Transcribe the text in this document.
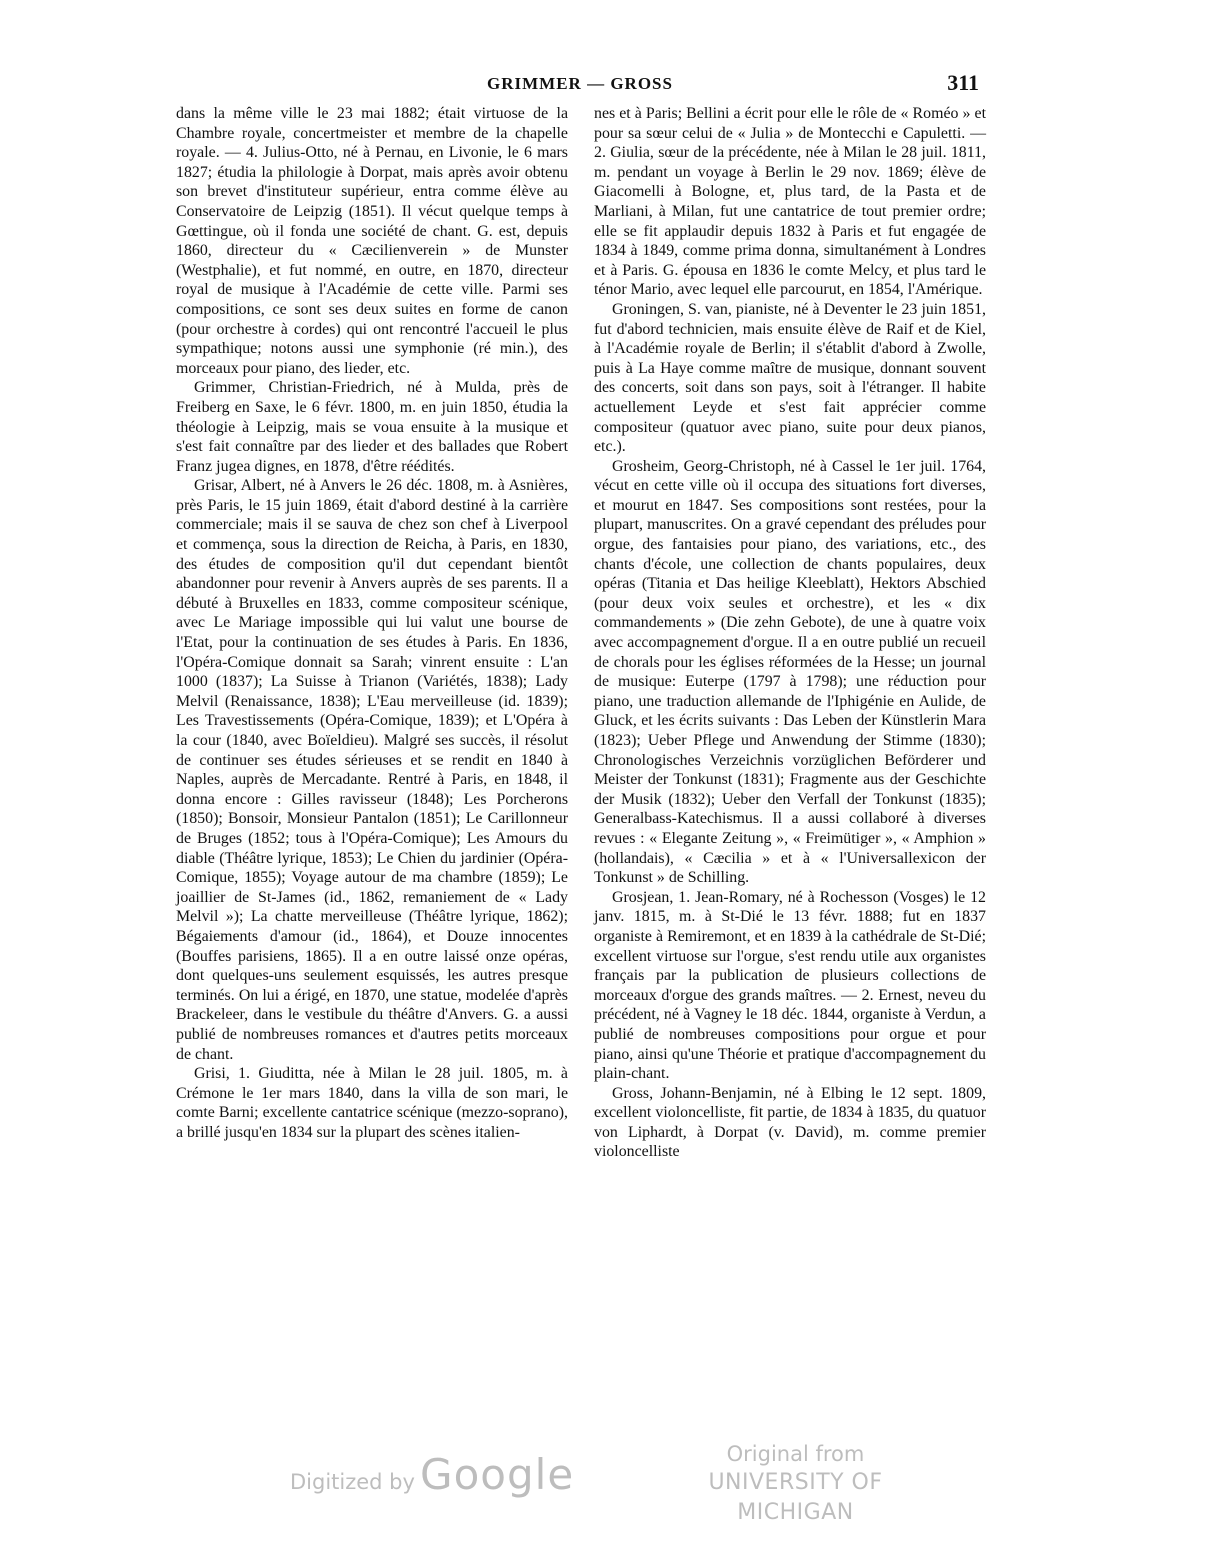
GRIMMER — GROSS	311

dans la même ville le 23 mai 1882; était virtuose de la Chambre royale, concertmeister et membre de la chapelle royale. — 4. Julius-Otto, né à Pernau, en Livonie, le 6 mars 1827; étudia la philologie à Dorpat, mais après avoir obtenu son brevet d'instituteur supérieur, entra comme élève au Conservatoire de Leipzig (1851). Il vécut quelque temps à Gœttingue, où il fonda une société de chant. G. est, depuis 1860, directeur du « Cæcilienverein » de Munster (Westphalie), et fut nommé, en outre, en 1870, directeur royal de musique à l'Académie de cette ville. Parmi ses compositions, ce sont ses deux suites en forme de canon (pour orchestre à cordes) qui ont rencontré l'accueil le plus sympathique; notons aussi une symphonie (ré min.), des morceaux pour piano, des lieder, etc.

Grimmer, Christian-Friedrich, né à Mulda, près de Freiberg en Saxe, le 6 févr. 1800, m. en juin 1850, étudia la théologie à Leipzig, mais se voua ensuite à la musique et s'est fait connaître par des lieder et des ballades que Robert Franz jugea dignes, en 1878, d'être réédités.

Grisar, Albert, né à Anvers le 26 déc. 1808, m. à Asnières, près Paris, le 15 juin 1869, était d'abord destiné à la carrière commerciale; mais il se sauva de chez son chef à Liverpool et commença, sous la direction de Reicha, à Paris, en 1830, des études de composition qu'il dut cependant bientôt abandonner pour revenir à Anvers auprès de ses parents. Il a débuté à Bruxelles en 1833, comme compositeur scénique, avec Le Mariage impossible qui lui valut une bourse de l'Etat, pour la continuation de ses études à Paris. En 1836, l'Opéra-Comique donnait sa Sarah; vinrent ensuite : L'an 1000 (1837); La Suisse à Trianon (Variétés, 1838); Lady Melvil (Renaissance, 1838); L'Eau merveilleuse (id. 1839); Les Travestissements (Opéra-Comique, 1839); et L'Opéra à la cour (1840, avec Boïeldieu). Malgré ses succès, il résolut de continuer ses études sérieuses et se rendit en 1840 à Naples, auprès de Mercadante. Rentré à Paris, en 1848, il donna encore : Gilles ravisseur (1848); Les Porcherons (1850); Bonsoir, Monsieur Pantalon (1851); Le Carillonneur de Bruges (1852; tous à l'Opéra-Comique); Les Amours du diable (Théâtre lyrique, 1853); Le Chien du jardinier (Opéra-Comique, 1855); Voyage autour de ma chambre (1859); Le joaillier de St-James (id., 1862, remaniement de « Lady Melvil »); La chatte merveilleuse (Théâtre lyrique, 1862); Bégaiements d'amour (id., 1864), et Douze innocentes (Bouffes parisiens, 1865). Il a en outre laissé onze opéras, dont quelques-uns seulement esquissés, les autres presque terminés. On lui a érigé, en 1870, une statue, modelée d'après Brackeleer, dans le vestibule du théâtre d'Anvers. G. a aussi publié de nombreuses romances et d'autres petits morceaux de chant.

Grisi, 1. Giuditta, née à Milan le 28 juil. 1805, m. à Crémone le 1er mars 1840, dans la villa de son mari, le comte Barni; excellente cantatrice scénique (mezzo-soprano), a brillé jusqu'en 1834 sur la plupart des scènes italien-

nes et à Paris; Bellini a écrit pour elle le rôle de « Roméo » et pour sa sœur celui de « Julia » de Montecchi e Capuletti. — 2. Giulia, sœur de la précédente, née à Milan le 28 juil. 1811, m. pendant un voyage à Berlin le 29 nov. 1869; élève de Giacomelli à Bologne, et, plus tard, de la Pasta et de Marliani, à Milan, fut une cantatrice de tout premier ordre; elle se fit applaudir depuis 1832 à Paris et fut engagée de 1834 à 1849, comme prima donna, simultanément à Londres et à Paris. G. épousa en 1836 le comte Melcy, et plus tard le ténor Mario, avec lequel elle parcourut, en 1854, l'Amérique.

Groningen, S. van, pianiste, né à Deventer le 23 juin 1851, fut d'abord technicien, mais ensuite élève de Raif et de Kiel, à l'Académie royale de Berlin; il s'établit d'abord à Zwolle, puis à La Haye comme maître de musique, donnant souvent des concerts, soit dans son pays, soit à l'étranger. Il habite actuellement Leyde et s'est fait apprécier comme compositeur (quatuor avec piano, suite pour deux pianos, etc.).

Grosheim, Georg-Christoph, né à Cassel le 1er juil. 1764, vécut en cette ville où il occupa des situations fort diverses, et mourut en 1847. Ses compositions sont restées, pour la plupart, manuscrites. On a gravé cependant des préludes pour orgue, des fantaisies pour piano, des variations, etc., des chants d'école, une collection de chants populaires, deux opéras (Titania et Das heilige Kleeblatt), Hektors Abschied (pour deux voix seules et orchestre), et les « dix commandements » (Die zehn Gebote), de une à quatre voix avec accompagnement d'orgue. Il a en outre publié un recueil de chorals pour les églises réformées de la Hesse; un journal de musique: Euterpe (1797 à 1798); une réduction pour piano, une traduction allemande de l'Iphigénie en Aulide, de Gluck, et les écrits suivants : Das Leben der Künstlerin Mara (1823); Ueber Pflege und Anwendung der Stimme (1830); Chronologisches Verzeichnis vorzüglichen Beförderer und Meister der Tonkunst (1831); Fragmente aus der Geschichte der Musik (1832); Ueber den Verfall der Tonkunst (1835); Generalbass-Katechismus. Il a aussi collaboré à diverses revues : « Elegante Zeitung », « Freimütiger », « Amphion » (hollandais), « Cæcilia » et à « l'Universallexicon der Tonkunst » de Schilling.

Grosjean, 1. Jean-Romary, né à Rochesson (Vosges) le 12 janv. 1815, m. à St-Dié le 13 févr. 1888; fut en 1837 organiste à Remiremont, et en 1839 à la cathédrale de St-Dié; excellent virtuose sur l'orgue, s'est rendu utile aux organistes français par la publication de plusieurs collections de morceaux d'orgue des grands maîtres. — 2. Ernest, neveu du précédent, né à Vagney le 18 déc. 1844, organiste à Verdun, a publié de nombreuses compositions pour orgue et pour piano, ainsi qu'une Théorie et pratique d'accompagnement du plain-chant.

Gross, Johann-Benjamin, né à Elbing le 12 sept. 1809, excellent violoncelliste, fit partie, de 1834 à 1835, du quatuor von Liphardt, à Dorpat (v. David), m. comme premier violoncelliste

Digitized by Google	Original from
UNIVERSITY OF MICHIGAN
